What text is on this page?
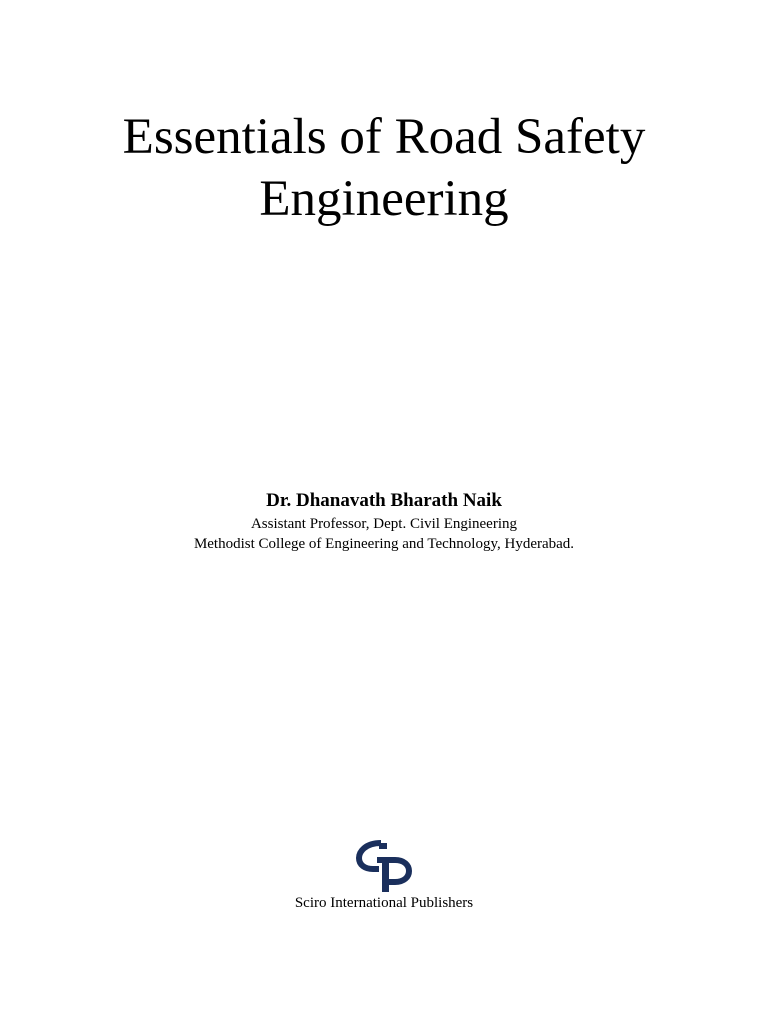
Essentials of Road Safety
Engineering
Dr. Dhanavath Bharath Naik
Assistant Professor, Dept. Civil Engineering
Methodist College of Engineering and Technology, Hyderabad.
Sciro International Publishers
